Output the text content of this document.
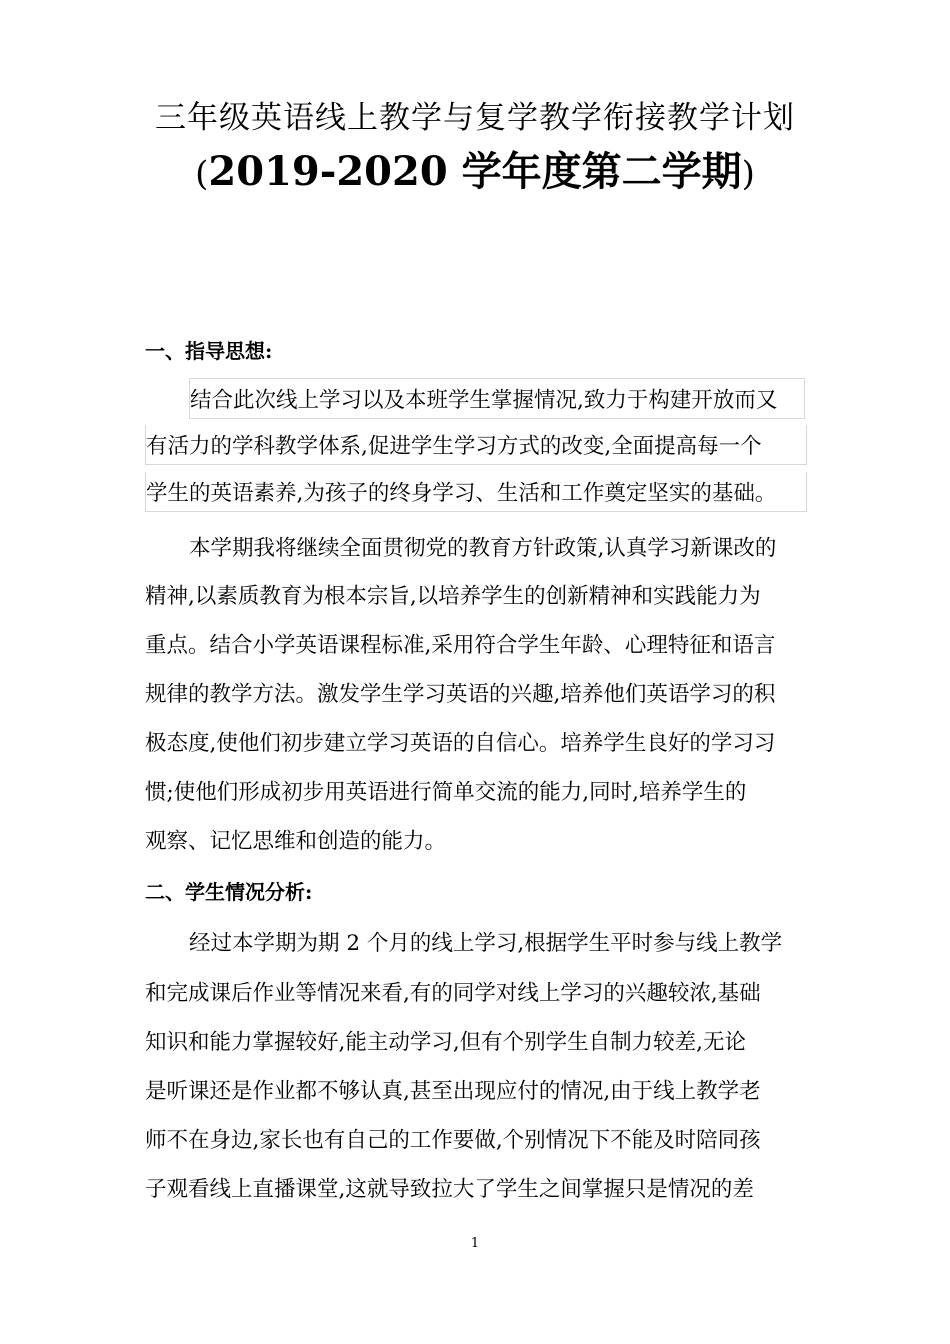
三年级英语线上教学与复学教学衔接教学计划
(2019-2020 学年度第二学期)
一、指导思想:
结合此次线上学习以及本班学生掌握情况,致力于构建开放而又
有活力的学科教学体系,促进学生学习方式的改变,全面提高每一个
学生的英语素养,为孩子的终身学习、生活和工作奠定坚实的基础。
本学期我将继续全面贯彻党的教育方针政策,认真学习新课改的
精神,以素质教育为根本宗旨,以培养学生的创新精神和实践能力为
重点。结合小学英语课程标准,采用符合学生年龄、心理特征和语言
规律的教学方法。激发学生学习英语的兴趣,培养他们英语学习的积
极态度,使他们初步建立学习英语的自信心。培养学生良好的学习习
惯;使他们形成初步用英语进行简单交流的能力,同时,培养学生的
观察、记忆思维和创造的能力。
二、学生情况分析:
经过本学期为期 2 个月的线上学习,根据学生平时参与线上教学
和完成课后作业等情况来看,有的同学对线上学习的兴趣较浓,基础
知识和能力掌握较好,能主动学习,但有个别学生自制力较差,无论
是听课还是作业都不够认真,甚至出现应付的情况,由于线上教学老
师不在身边,家长也有自己的工作要做,个别情况下不能及时陪同孩
子观看线上直播课堂,这就导致拉大了学生之间掌握只是情况的差
1
